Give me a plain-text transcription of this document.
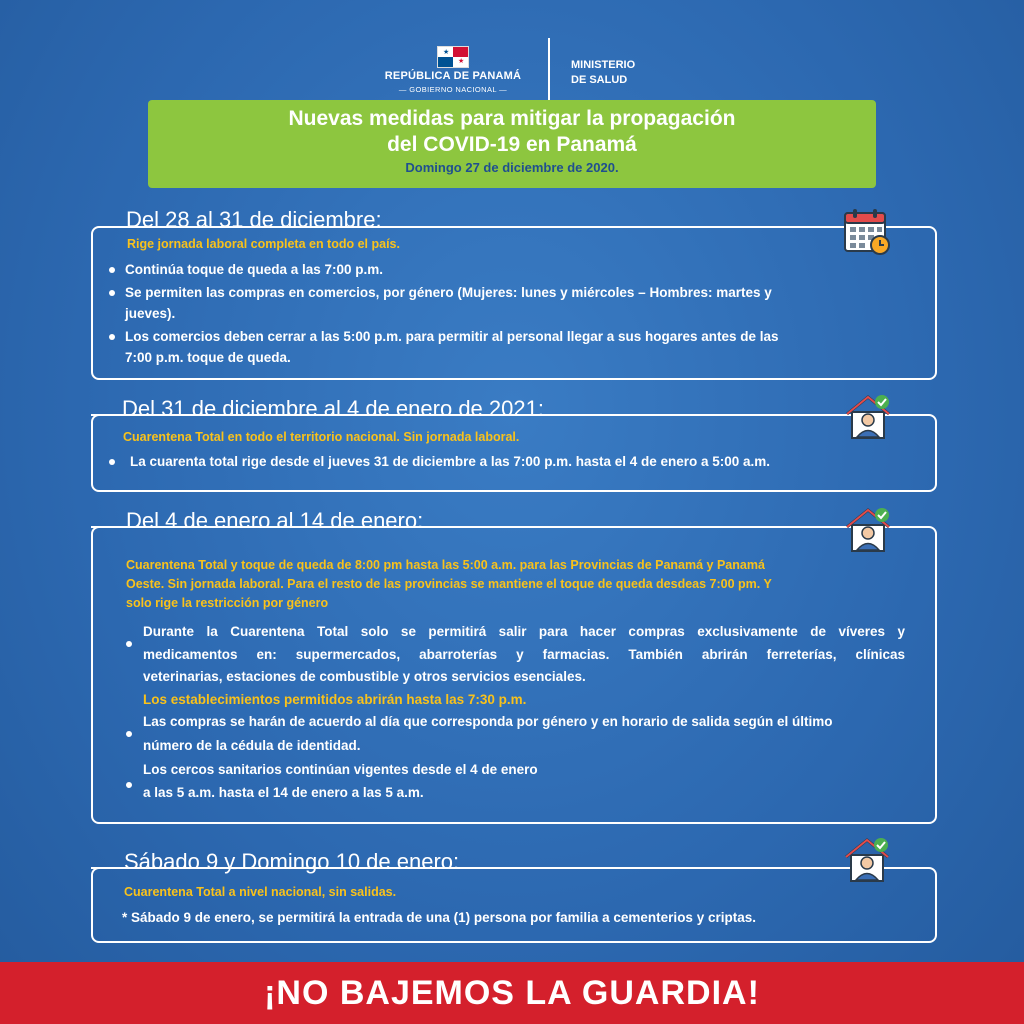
★
★
REPÚBLICA DE PANAMÁ
— GOBIERNO NACIONAL —
MINISTERIO
DE SALUD
Nuevas medidas para mitigar la propagación
del COVID-19 en Panamá
Domingo 27 de diciembre de 2020.
Del 28 al 31 de diciembre:
Rige jornada laboral completa en todo el país.
Continúa toque de queda a las 7:00 p.m.
Se permiten las compras en comercios, por género (Mujeres: lunes y miércoles – Hombres: martes y
jueves).
Los comercios deben cerrar a las 5:00 p.m. para permitir al personal llegar a sus hogares antes de las
7:00 p.m. toque de queda.
Del 31 de diciembre al 4 de enero de 2021:
Cuarentena Total en todo el territorio nacional. Sin jornada laboral.
La cuarenta total rige desde el jueves 31 de diciembre a las 7:00 p.m. hasta el 4 de enero a 5:00 a.m.
Del 4 de enero al 14 de enero:
Cuarentena Total y toque de queda de 8:00 pm hasta las 5:00 a.m. para las Provincias de Panamá y Panamá
Oeste. Sin jornada laboral. Para el resto de las provincias se mantiene el toque de queda desdeas 7:00 pm. Y
solo rige la restricción por género
Durante la Cuarentena Total solo se permitirá salir para hacer compras exclusivamente de víveres y
medicamentos en: supermercados, abarroterías y farmacias. También abrirán ferreterías, clínicas
veterinarias, estaciones de combustible y otros servicios esenciales.
Los establecimientos permitidos abrirán hasta las 7:30 p.m.
Las compras se harán de acuerdo al día que corresponda por género y en horario de salida según el último
número de la cédula de identidad.
Los cercos sanitarios continúan vigentes desde el 4 de enero
a las 5 a.m. hasta el 14 de enero a las 5 a.m.
Sábado 9 y Domingo 10 de enero:
Cuarentena Total a nivel nacional, sin salidas.
* Sábado 9 de enero, se permitirá la entrada de una (1) persona por familia a cementerios y criptas.
¡NO BAJEMOS LA GUARDIA!
